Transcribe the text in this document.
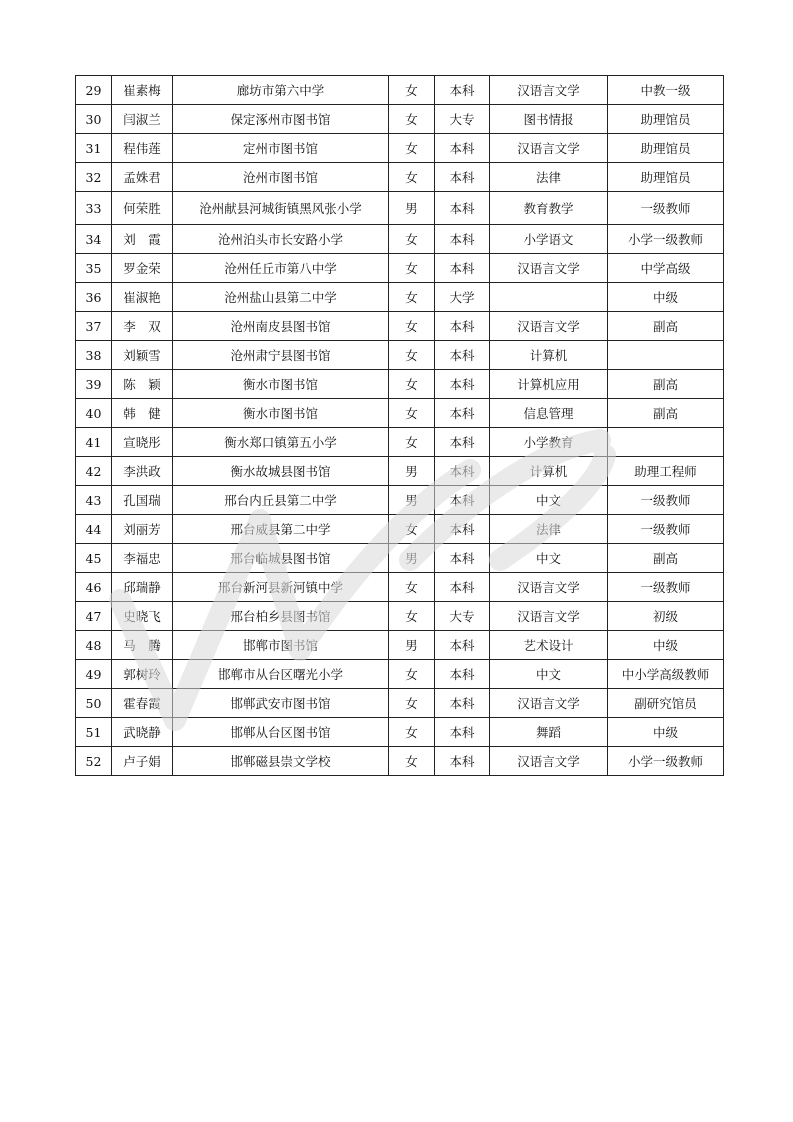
29	崔素梅	廊坊市第六中学	女	本科	汉语言文学	中教一级
30	闫淑兰	保定涿州市图书馆	女	大专	图书情报	助理馆员
31	程伟莲	定州市图书馆	女	本科	汉语言文学	助理馆员
32	孟姝君	沧州市图书馆	女	本科	法律	助理馆员
33	何荣胜	沧州献县河城街镇黑风张小学	男	本科	教育教学	一级教师
34	刘　霞	沧州泊头市长安路小学	女	本科	小学语文	小学一级教师
35	罗金荣	沧州任丘市第八中学	女	本科	汉语言文学	中学高级
36	崔淑艳	沧州盐山县第二中学	女	大学		中级
37	李　双	沧州南皮县图书馆	女	本科	汉语言文学	副高
38	刘颖雪	沧州肃宁县图书馆	女	本科	计算机	
39	陈　颖	衡水市图书馆	女	本科	计算机应用	副高
40	韩　健	衡水市图书馆	女	本科	信息管理	副高
41	宣晓彤	衡水郑口镇第五小学	女	本科	小学教育	
42	李洪政	衡水故城县图书馆	男	本科	计算机	助理工程师
43	孔国瑞	邢台内丘县第二中学	男	本科	中文	一级教师
44	刘丽芳	邢台威县第二中学	女	本科	法律	一级教师
45	李福忠	邢台临城县图书馆	男	本科	中文	副高
46	邱瑞静	邢台新河县新河镇中学	女	本科	汉语言文学	一级教师
47	史晓飞	邢台柏乡县图书馆	女	大专	汉语言文学	初级
48	马　腾	邯郸市图书馆	男	本科	艺术设计	中级
49	郭树玲	邯郸市从台区曙光小学	女	本科	中文	中小学高级教师
50	霍春霞	邯郸武安市图书馆	女	本科	汉语言文学	副研究馆员
51	武晓静	邯郸从台区图书馆	女	本科	舞蹈	中级
52	卢子娟	邯郸磁县崇文学校	女	本科	汉语言文学	小学一级教师
